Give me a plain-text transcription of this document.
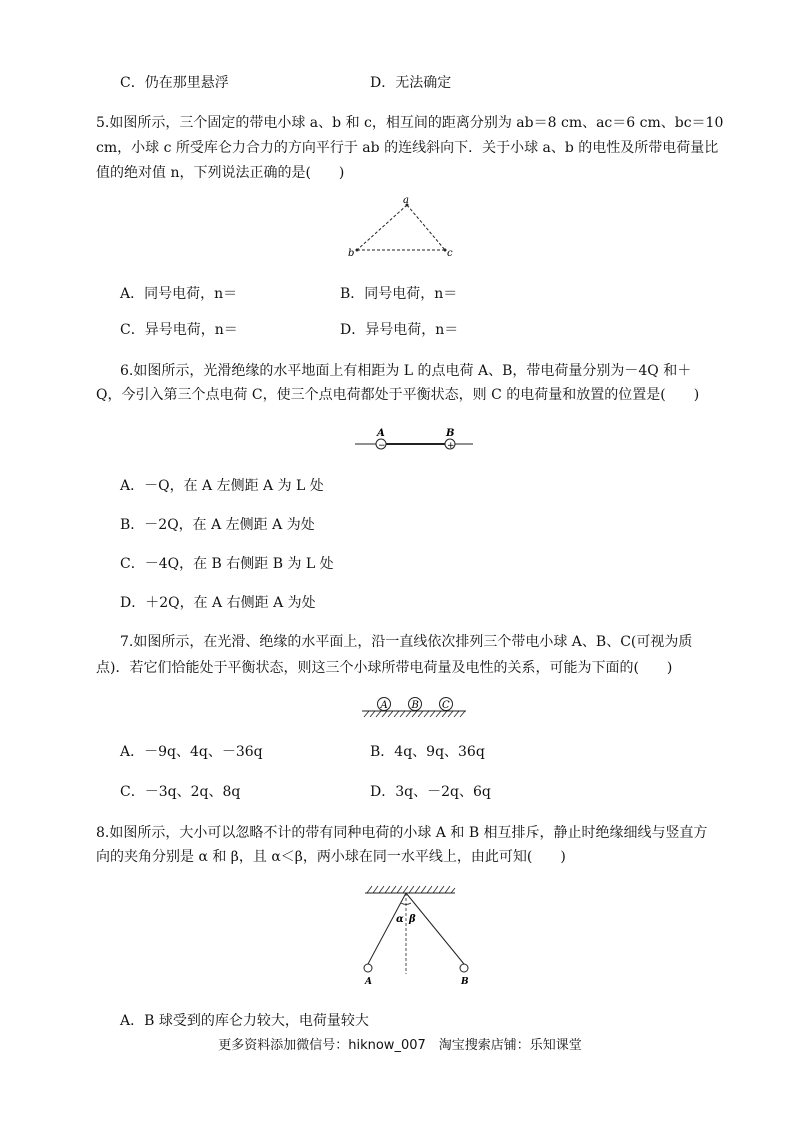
C．仍在那里悬浮	D．无法确定
5.如图所示，三个固定的带电小球 a、b 和 c，相互间的距离分别为 ab＝8 cm、ac＝6 cm、bc＝10
cm，小球 c 所受库仑力合力的方向平行于 ab 的连线斜向下．关于小球 a、b 的电性及所带电荷量比
值的绝对值 n，下列说法正确的是(　　)
a
b	c
A．同号电荷，n＝	B．同号电荷，n＝
C．异号电荷，n＝	D．异号电荷，n＝
6.如图所示，光滑绝缘的水平地面上有相距为 L 的点电荷 A、B，带电荷量分别为－4Q 和＋
Q，今引入第三个点电荷 C，使三个点电荷都处于平衡状态，则 C 的电荷量和放置的位置是(　　)
−	+
A	B
A．－Q，在 A 左侧距 A 为 L 处
B．－2Q，在 A 左侧距 A 为处
C．－4Q，在 B 右侧距 B 为 L 处
D．＋2Q，在 A 右侧距 A 为处
7.如图所示，在光滑、绝缘的水平面上，沿一直线依次排列三个带电小球 A、B、C(可视为质
点)．若它们恰能处于平衡状态，则这三个小球所带电荷量及电性的关系，可能为下面的(　　)
A B C
A．－9q、4q、－36q	B．4q、9q、36q
C．－3q、2q、8q	D．3q、－2q、6q
8.如图所示，大小可以忽略不计的带有同种电荷的小球 A 和 B 相互排斥，静止时绝缘细线与竖直方
向的夹角分别是 α 和 β，且 α＜β，两小球在同一水平线上，由此可知(　　)
α β
A	B
A．B 球受到的库仑力较大，电荷量较大
更多资料添加微信号：hiknow_007　淘宝搜索店铺：乐知课堂
